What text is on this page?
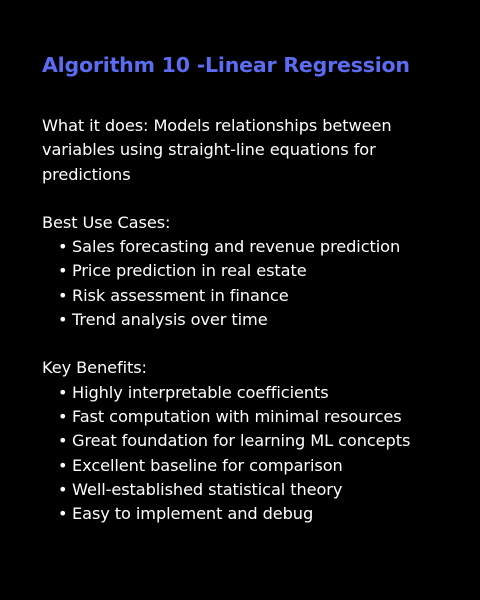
Algorithm 10 -Linear Regression

What it does: Models relationships between variables using straight-line equations for predictions

Best Use Cases:

• Sales forecasting and revenue prediction
• Price prediction in real estate
• Risk assessment in finance
• Trend analysis over time

Key Benefits:

• Highly interpretable coefficients
• Fast computation with minimal resources
• Great foundation for learning ML concepts
• Excellent baseline for comparison
• Well-established statistical theory
• Easy to implement and debug
